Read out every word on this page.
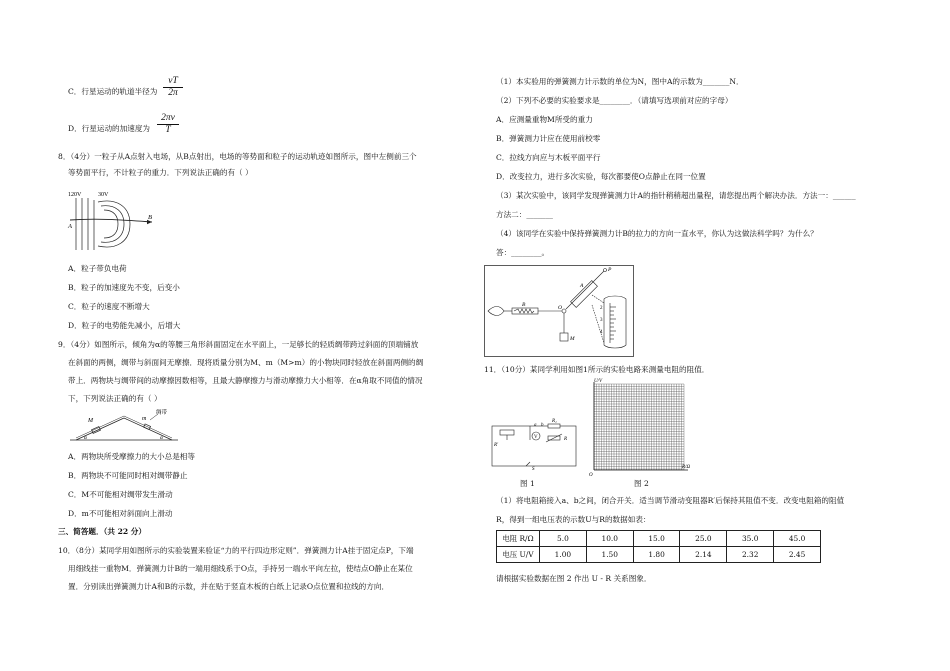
C．行星运动的轨道半径为
vT
2π
D．行星运动的加速度为
2πv
T
8．（4分）一粒子从A点射入电场，从B点射出，电场的等势面和粒子的运动轨迹如图所示，图中左侧前三个
等势面平行，不计粒子的重力．下列说法正确的有（ ）
120V	30V
A
B
A．粒子带负电荷
B．粒子的加速度先不变，后变小
C．粒子的速度不断增大
D．粒子的电势能先减小，后增大
9．（4分）如图所示，倾角为α的等腰三角形斜面固定在水平面上，一足够长的轻质绸带跨过斜面的顶端铺放
在斜面的两侧，绸带与斜面间无摩擦．现将质量分别为M、m（M>m）的小物块同时轻放在斜面两侧的绸
带上．两物块与绸带间的动摩擦因数相等，且最大静摩擦力与滑动摩擦力大小相等．在α角取不同值的情况
下，下列说法正确的有（ ）
M	m
绸带
α	α
A．两物块所受摩擦力的大小总是相等
B．两物块不可能同时相对绸带静止
C．M不可能相对绸带发生滑动
D．m不可能相对斜面向上滑动
三、简答题．（共 22 分）
10．（8分）某同学用如图所示的实验装置来验证“力的平行四边形定则”．弹簧测力计A挂于固定点P，下端
用细线挂一重物M．弹簧测力计B的一端用细线系于O点，手持另一端水平向左拉，使结点O静止在某位
置．分别读出弹簧测力计A和B的示数，并在贴于竖直木板的白纸上记录O点位置和拉线的方向．
（1）本实验用的弹簧测力计示数的单位为N，图中A的示数为_______N．
（2）下列不必要的实验要求是________．（请填写选项前对应的字母）
A．应测量重物M所受的重力
B．弹簧测力计应在使用前校零
C．拉线方向应与木板平面平行
D．改变拉力，进行多次实验，每次都要使O点静止在同一位置
（3）某次实验中，该同学发现弹簧测力计A的指针稍稍超出量程，请您提出两个解决办法．方法一：______
方法二：_______
（4）该同学在实验中保持弹簧测力计B的拉力的方向一直水平，你认为这做法科学吗？为什么？
答：________。
P
A
B	O
M
2
3
4
11．（10分）某同学利用如图1所示的实验电路来测量电阻的阻值．
R′
a b
V
R₁
R
S
图 1
U/V
R/Ω
O
图 2
（1）将电阻箱接入a、b之间，闭合开关．适当调节滑动变阻器R′后保持其阻值不变．改变电阻箱的阻值
R，得到一组电压表的示数U与R的数据如表：
电阻 R/Ω	5.0	10.0	15.0	25.0	35.0	45.0
电压 U/V	1.00	1.50	1.80	2.14	2.32	2.45
请根据实验数据在图 2 作出 U - R 关系图象．
